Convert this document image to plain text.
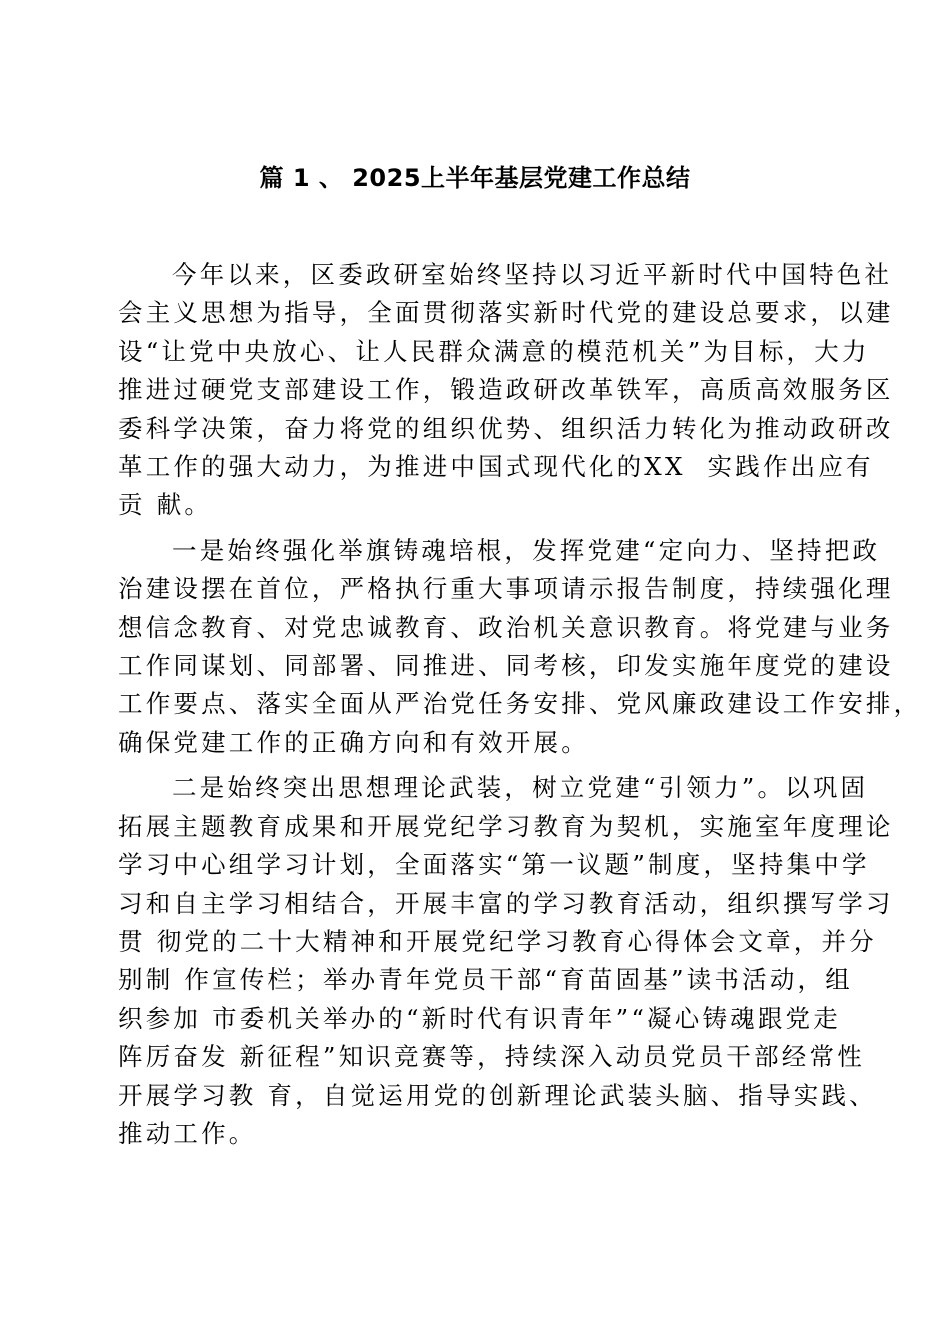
篇 1 、 2025上半年基层党建工作总结

今年以来，区委政研室始终坚持以习近平新时代中国特色社
会主义思想为指导，全面贯彻落实新时代党的建设总要求，以建
设“让党中央放心、让人民群众满意的模范机关”为目标，大力
推进过硬党支部建设工作，锻造政研改革铁军，高质高效服务区
委科学决策，奋力将党的组织优势、组织活力转化为推动政研改
革工作的强大动力，为推进中国式现代化的XX  实践作出应有
贡 献。

一是始终强化举旗铸魂培根，发挥党建“定向力、坚持把政
治建设摆在首位，严格执行重大事项请示报告制度，持续强化理
想信念教育、对党忠诚教育、政治机关意识教育。将党建与业务
工作同谋划、同部署、同推进、同考核，印发实施年度党的建设
工作要点、落实全面从严治党任务安排、党风廉政建设工作安排，
确保党建工作的正确方向和有效开展。

二是始终突出思想理论武装，树立党建“引领力”。以巩固
拓展主题教育成果和开展党纪学习教育为契机，实施室年度理论
学习中心组学习计划，全面落实“第一议题”制度，坚持集中学
习和自主学习相结合，开展丰富的学习教育活动，组织撰写学习
贯 彻党的二十大精神和开展党纪学习教育心得体会文章，并分
别制 作宣传栏；举办青年党员干部“育苗固基”读书活动，组
织参加 市委机关举办的“新时代有识青年”“凝心铸魂跟党走
阵厉奋发 新征程”知识竞赛等，持续深入动员党员干部经常性
开展学习教 育，自觉运用党的创新理论武装头脑、指导实践、
推动工作。
